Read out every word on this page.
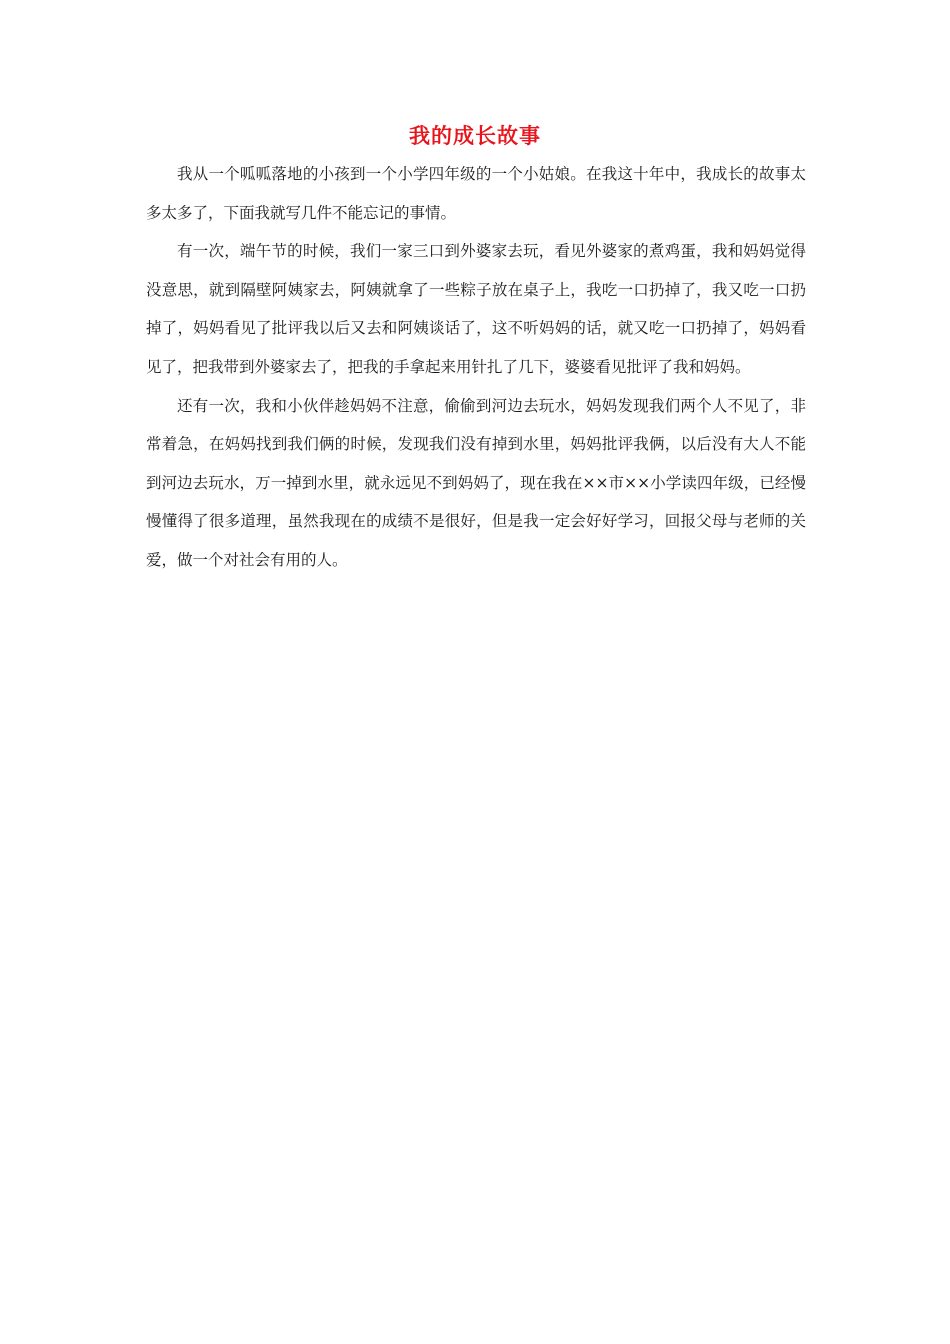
我的成长故事

我从一个呱呱落地的小孩到一个小学四年级的一个小姑娘。在我这十年中，我成长的故事太多太多了，下面我就写几件不能忘记的事情。

有一次，端午节的时候，我们一家三口到外婆家去玩，看见外婆家的煮鸡蛋，我和妈妈觉得没意思，就到隔壁阿姨家去，阿姨就拿了一些粽子放在桌子上，我吃一口扔掉了，我又吃一口扔掉了，妈妈看见了批评我以后又去和阿姨谈话了，这不听妈妈的话，就又吃一口扔掉了，妈妈看见了，把我带到外婆家去了，把我的手拿起来用针扎了几下，婆婆看见批评了我和妈妈。

还有一次，我和小伙伴趁妈妈不注意，偷偷到河边去玩水，妈妈发现我们两个人不见了，非常着急，在妈妈找到我们俩的时候，发现我们没有掉到水里，妈妈批评我俩，以后没有大人不能到河边去玩水，万一掉到水里，就永远见不到妈妈了，现在我在××市××小学读四年级，已经慢慢懂得了很多道理，虽然我现在的成绩不是很好，但是我一定会好好学习，回报父母与老师的关爱，做一个对社会有用的人。
